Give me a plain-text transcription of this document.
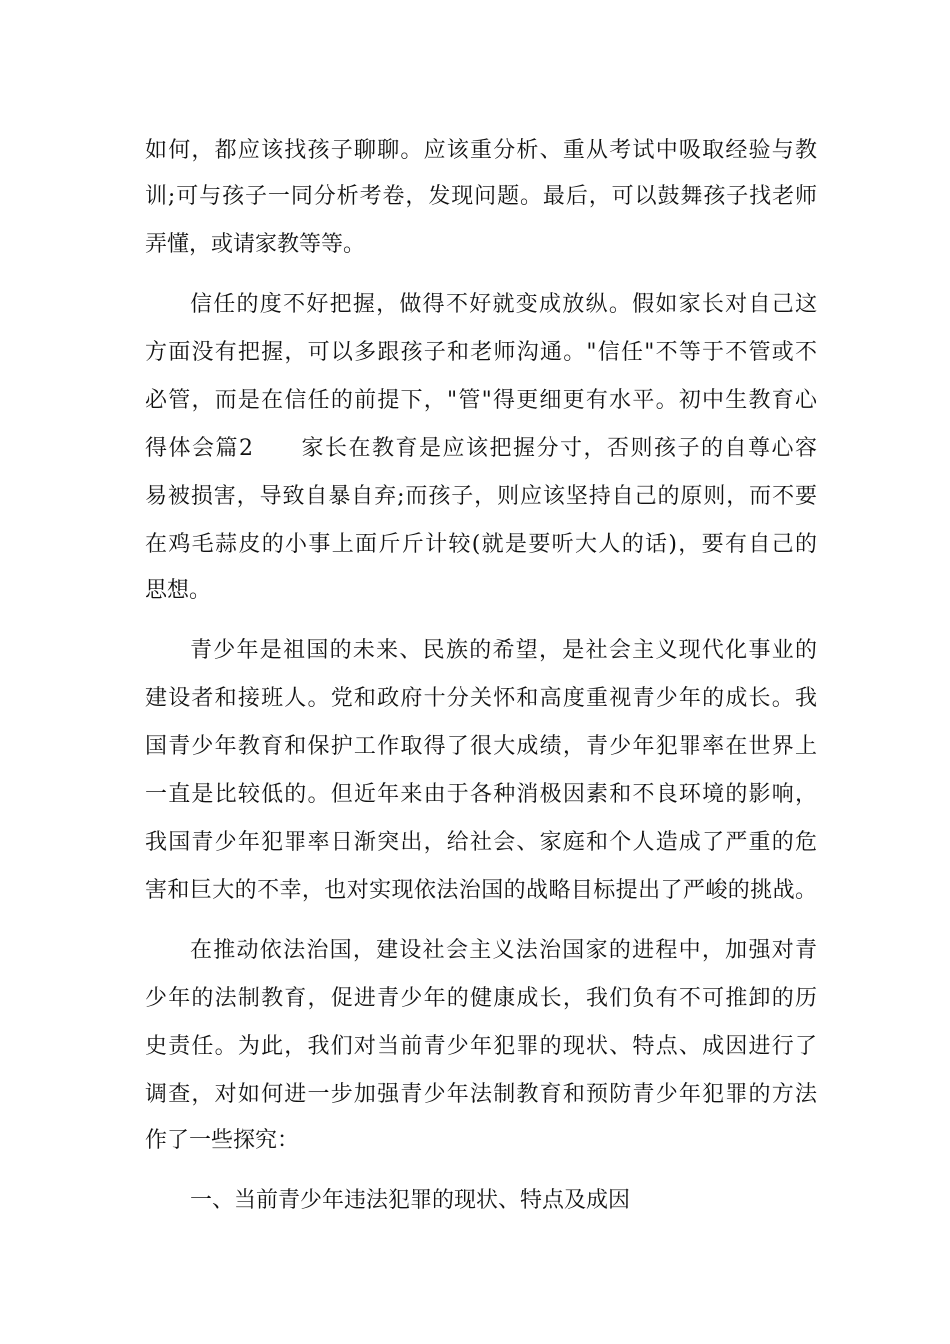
如何，都应该找孩子聊聊。应该重分析、重从考试中吸取经验与教
训;可与孩子一同分析考卷，发现问题。最后，可以鼓舞孩子找老师
弄懂，或请家教等等。
信任的度不好把握，做得不好就变成放纵。假如家长对自己这
方面没有把握，可以多跟孩子和老师沟通。"信任"不等于不管或不
必管，而是在信任的前提下，"管"得更细更有水平。初中生教育心
得体会篇2　　家长在教育是应该把握分寸，否则孩子的自尊心容
易被损害，导致自暴自弃;而孩子，则应该坚持自己的原则，而不要
在鸡毛蒜皮的小事上面斤斤计较(就是要听大人的话)，要有自己的
思想。
青少年是祖国的未来、民族的希望，是社会主义现代化事业的
建设者和接班人。党和政府十分关怀和高度重视青少年的成长。我
国青少年教育和保护工作取得了很大成绩，青少年犯罪率在世界上
一直是比较低的。但近年来由于各种消极因素和不良环境的影响，
我国青少年犯罪率日渐突出，给社会、家庭和个人造成了严重的危
害和巨大的不幸，也对实现依法治国的战略目标提出了严峻的挑战。
在推动依法治国，建设社会主义法治国家的进程中，加强对青
少年的法制教育，促进青少年的健康成长，我们负有不可推卸的历
史责任。为此，我们对当前青少年犯罪的现状、特点、成因进行了
调查，对如何进一步加强青少年法制教育和预防青少年犯罪的方法
作了一些探究：
一、当前青少年违法犯罪的现状、特点及成因
